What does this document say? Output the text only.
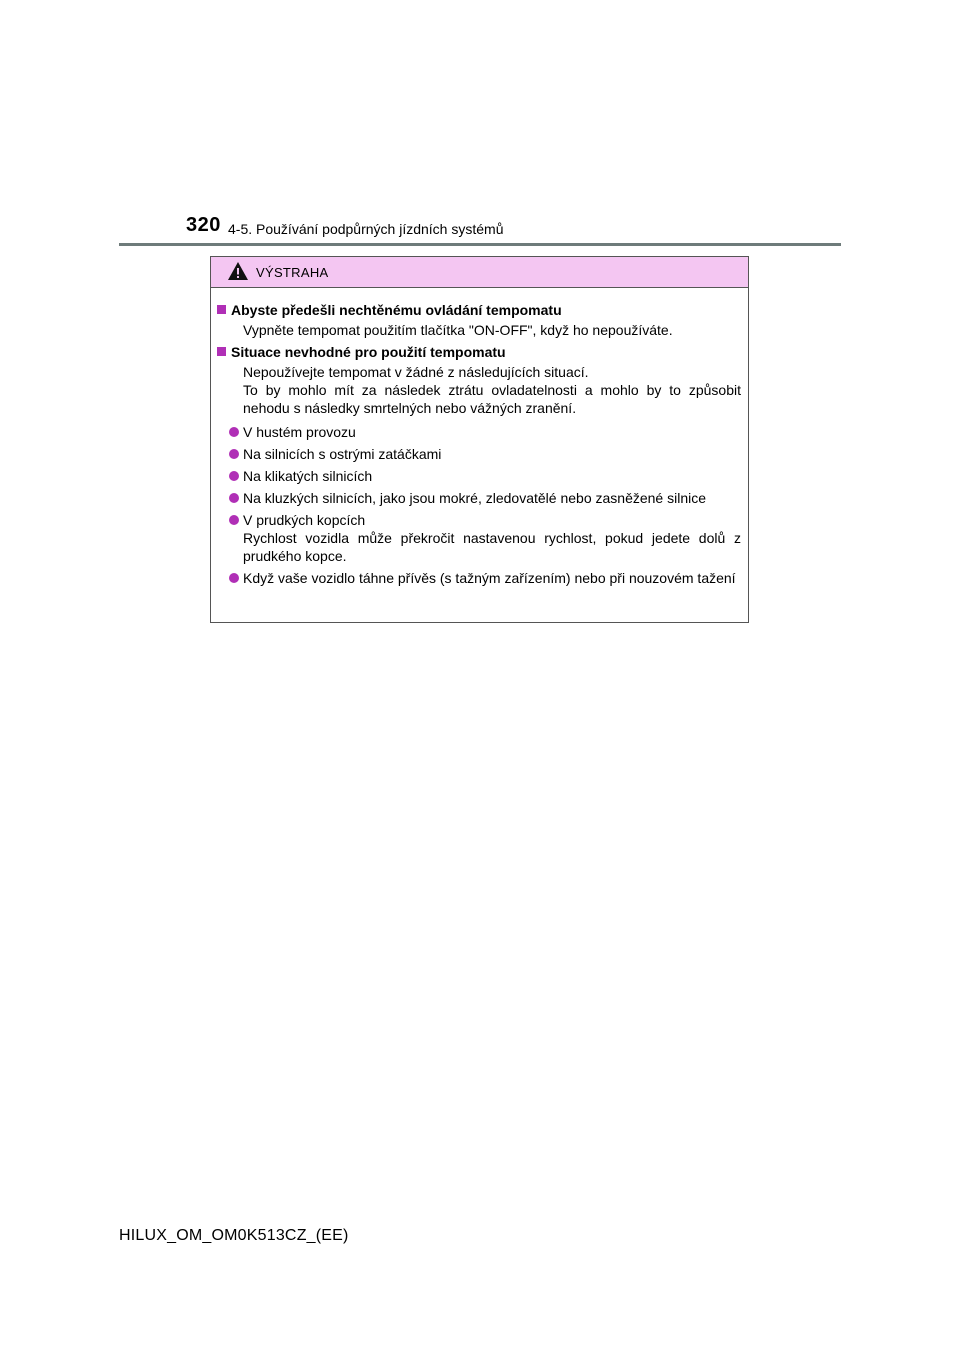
320 4-5. Používání podpůrných jízdních systémů
VÝSTRAHA
Abyste předešli nechtěnému ovládání tempomatu

Vypněte tempomat použitím tlačítka "ON-OFF", když ho nepoužíváte.

Situace nevhodné pro použití tempomatu

Nepoužívejte tempomat v žádné z následujících situací.

To by mohlo mít za následek ztrátu ovladatelnosti a mohlo by to způsobit nehodu s následky smrtelných nebo vážných zranění.

V hustém provozu
Na silnicích s ostrými zatáčkami
Na klikatých silnicích
Na kluzkých silnicích, jako jsou mokré, zledovatělé nebo zasněžené silnice
V prudkých kopcích
Rychlost vozidla může překročit nastavenou rychlost, pokud jedete dolů z prudkého kopce.
Když vaše vozidlo táhne přívěs (s tažným zařízením) nebo při nouzovém tažení
HILUX_OM_OM0K513CZ_(EE)
